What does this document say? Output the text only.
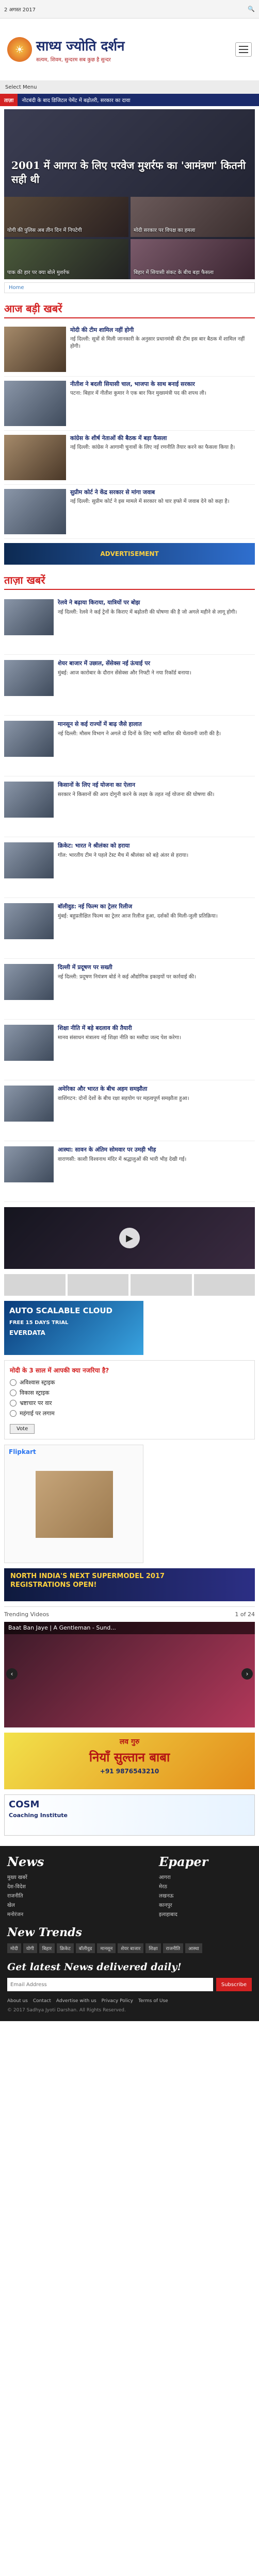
2 अगस्त 2017	🔍
☀ साध्य ज्योति दर्शन
सत्यम, शिवम, सुन्दरम सब कुछ है सुन्दर
Select Menu
ताज़ा	नोटबंदी के बाद डिजिटल पेमेंट में बढ़ोतरी, सरकार का दावा
2001 में आगरा के लिए परवेज मुशर्रफ का 'आमंत्रण' कितनी सही थी
योगी की पुलिस अब तीन दिन में निपटेगी	मोदी सरकार पर विपक्ष का हमला
पाक की हार पर क्या बोले मुशर्रफ	बिहार में सियासी संकट के बीच बड़ा फैसला
Home
आज बड़ी खबरें
मोदी की टीम शामिल नहीं होगी

नई दिल्ली: सूत्रों से मिली जानकारी के अनुसार प्रधानमंत्री की टीम इस बार बैठक में शामिल नहीं होगी।

नीतीश ने बदली सियासी चाल, भाजपा के साथ बनाई सरकार

पटना: बिहार में नीतीश कुमार ने एक बार फिर मुख्यमंत्री पद की शपथ ली।

कांग्रेस के शीर्ष नेताओं की बैठक में बड़ा फैसला

नई दिल्ली: कांग्रेस ने आगामी चुनावों के लिए नई रणनीति तैयार करने का फैसला किया है।

सुप्रीम कोर्ट ने केंद्र सरकार से मांगा जवाब

नई दिल्ली: सुप्रीम कोर्ट ने इस मामले में सरकार को चार हफ्ते में जवाब देने को कहा है।

ADVERTISEMENT
ताज़ा खबरें
रेलवे ने बढ़ाया किराया, यात्रियों पर बोझ

नई दिल्ली: रेलवे ने कई ट्रेनों के किराए में बढ़ोतरी की घोषणा की है जो अगले महीने से लागू होगी।

शेयर बाजार में उछाल, सेंसेक्स नई ऊंचाई पर

मुंबई: आज कारोबार के दौरान सेंसेक्स और निफ्टी ने नया रिकॉर्ड बनाया।

मानसून से कई राज्यों में बाढ़ जैसे हालात

नई दिल्ली: मौसम विभाग ने अगले दो दिनों के लिए भारी बारिश की चेतावनी जारी की है।

किसानों के लिए नई योजना का ऐलान

सरकार ने किसानों की आय दोगुनी करने के लक्ष्य के तहत नई योजना की घोषणा की।

क्रिकेट: भारत ने श्रीलंका को हराया

गॉल: भारतीय टीम ने पहले टेस्ट मैच में श्रीलंका को बड़े अंतर से हराया।

बॉलीवुड: नई फिल्म का ट्रेलर रिलीज

मुंबई: बहुप्रतीक्षित फिल्म का ट्रेलर आज रिलीज हुआ, दर्शकों की मिली-जुली प्रतिक्रिया।

दिल्ली में प्रदूषण पर सख्ती

नई दिल्ली: प्रदूषण नियंत्रण बोर्ड ने कई औद्योगिक इकाइयों पर कार्रवाई की।

शिक्षा नीति में बड़े बदलाव की तैयारी

मानव संसाधन मंत्रालय नई शिक्षा नीति का मसौदा जल्द पेश करेगा।

अमेरिका और भारत के बीच अहम समझौता

वाशिंगटन: दोनों देशों के बीच रक्षा सहयोग पर महत्वपूर्ण समझौता हुआ।

आस्था: सावन के अंतिम सोमवार पर उमड़ी भीड़

वाराणसी: काशी विश्वनाथ मंदिर में श्रद्धालुओं की भारी भीड़ देखी गई।

▶
AUTO SCALABLE CLOUD
FREE 15 DAYS TRIAL
EVERDATA
मोदी के 3 साल में आपकी क्या नजरिया है?
अविश्वास स्ट्राइक
विकास स्ट्राइक
भ्रष्टाचार पर वार
महंगाई पर लगाम
Vote
Flipkart
NORTH INDIA'S NEXT SUPERMODEL 2017
REGISTRATIONS OPEN!
Trending Videos	1 of 24
Baat Ban Jaye | A Gentleman - Sund...
‹	›
लव गुरु
नियाँ सुल्तान बाबा
+91 9876543210
COSM
Coaching Institute
News
मुख्य खबरें
देश-विदेश
राजनीति
खेल
मनोरंजन
Epaper
आगरा
मेरठ
लखनऊ
कानपुर
इलाहाबाद
New Trends
मोदी	योगी	बिहार	क्रिकेट	बॉलीवुड	मानसून	शेयर बाजार	शिक्षा	राजनीति	आस्था
Get latest News delivered daily!
Email Address
Subscribe
About us Contact Advertise with us Privacy Policy Terms of Use
© 2017 Sadhya Jyoti Darshan. All Rights Reserved.
